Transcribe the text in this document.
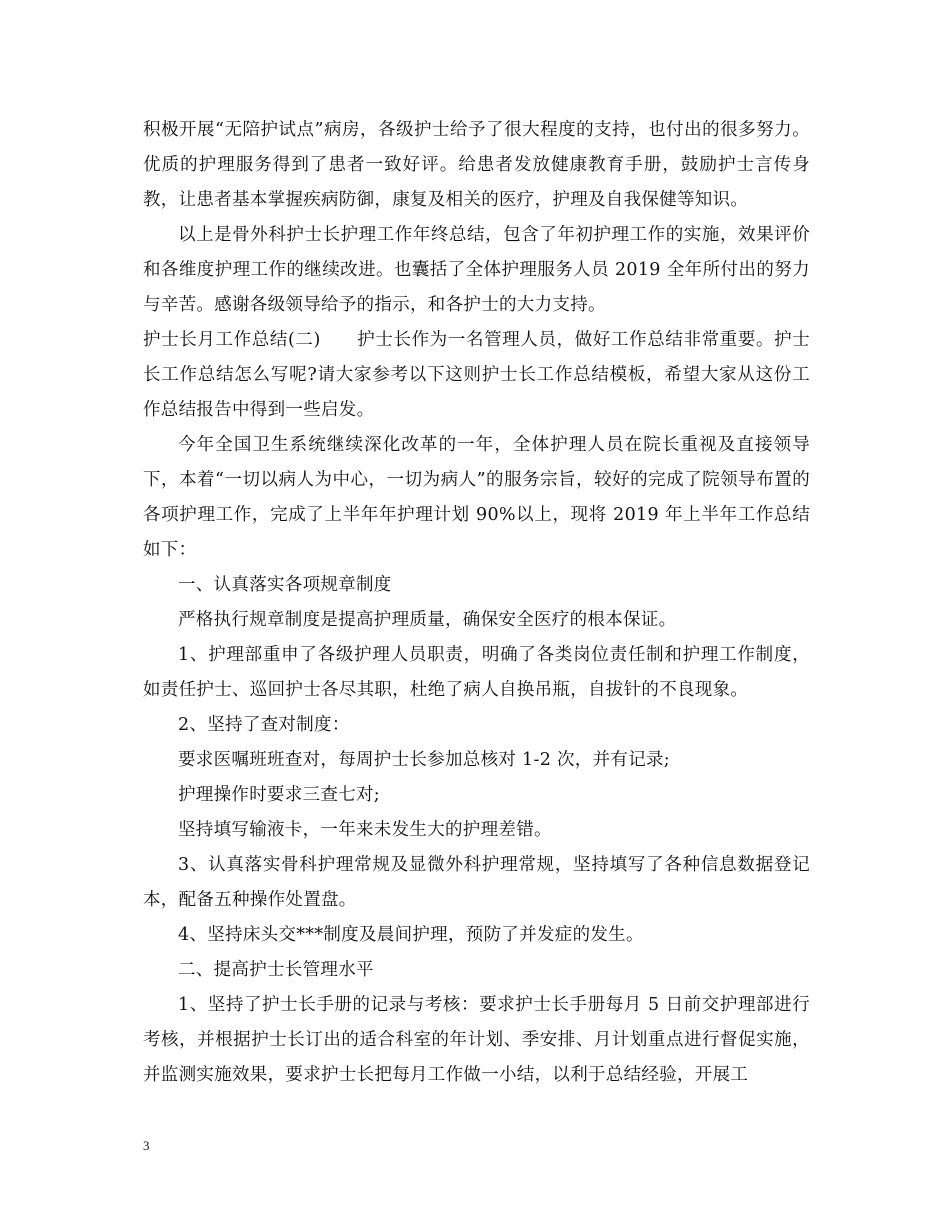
积极开展“无陪护试点”病房，各级护士给予了很大程度的支持，也付出的很多努力。优质的护理服务得到了患者一致好评。给患者发放健康教育手册，鼓励护士言传身教，让患者基本掌握疾病防御，康复及相关的医疗，护理及自我保健等知识。

以上是骨外科护士长护理工作年终总结，包含了年初护理工作的实施，效果评价和各维度护理工作的继续改进。也囊括了全体护理服务人员 2019 全年所付出的努力与辛苦。感谢各级领导给予的指示，和各护士的大力支持。

护士长月工作总结(二)　　护士长作为一名管理人员，做好工作总结非常重要。护士长工作总结怎么写呢?请大家参考以下这则护士长工作总结模板，希望大家从这份工作总结报告中得到一些启发。

今年全国卫生系统继续深化改革的一年，全体护理人员在院长重视及直接领导下，本着“一切以病人为中心，一切为病人”的服务宗旨，较好的完成了院领导布置的各项护理工作，完成了上半年年护理计划 90%以上，现将 2019 年上半年工作总结如下：

一、认真落实各项规章制度

严格执行规章制度是提高护理质量，确保安全医疗的根本保证。

1、护理部重申了各级护理人员职责，明确了各类岗位责任制和护理工作制度，如责任护士、巡回护士各尽其职，杜绝了病人自换吊瓶，自拔针的不良现象。

2、坚持了查对制度：

要求医嘱班班查对，每周护士长参加总核对 1-2 次，并有记录;

护理操作时要求三查七对;

坚持填写输液卡，一年来未发生大的护理差错。

3、认真落实骨科护理常规及显微外科护理常规，坚持填写了各种信息数据登记本，配备五种操作处置盘。

4、坚持床头交***制度及晨间护理，预防了并发症的发生。

二、提高护士长管理水平

1、坚持了护士长手册的记录与考核：要求护士长手册每月 5 日前交护理部进行考核，并根据护士长订出的适合科室的年计划、季安排、月计划重点进行督促实施，并监测实施效果，要求护士长把每月工作做一小结，以利于总结经验，开展工

3
